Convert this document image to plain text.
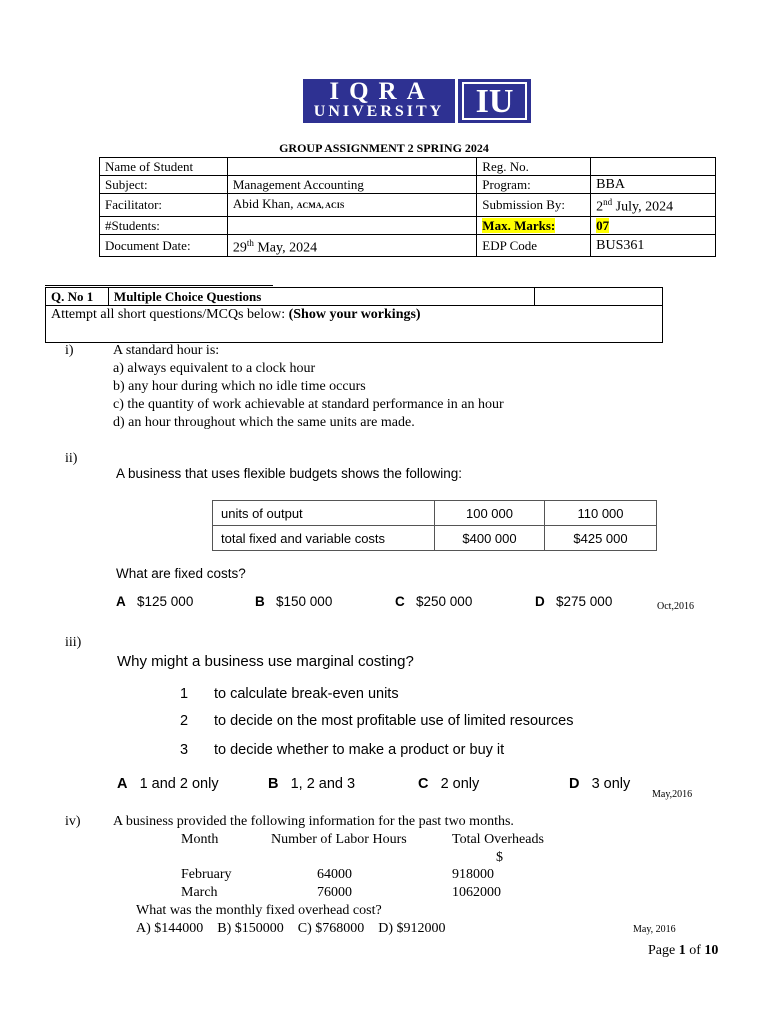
IQRA
UNIVERSITY IU
GROUP ASSIGNMENT 2 SPRING 2024
Name of Student		Reg. No.	
Subject:	Management Accounting	Program:	BBA
Facilitator:	Abid Khan, ACMA, ACIS	Submission By:	2nd July, 2024
#Students:		Max. Marks:	07
Document Date:	29th May, 2024	EDP Code	BUS361
Q. No 1	Multiple Choice Questions	
Attempt all short questions/MCQs below: (Show your workings)
i)	A standard hour is:
a) always equivalent to a clock hour
b) any hour during which no idle time occurs
c) the quantity of work achievable at standard performance in an hour
d) an hour throughout which the same units are made.
ii)
A business that uses flexible budgets shows the following:
units of output	100 000	110 000
total fixed and variable costs	$400 000	$425 000
What are fixed costs?
A $125 000	B $150 000	C $250 000	D $275 000	Oct,2016
iii)
Why might a business use marginal costing?
1 to calculate break-even units
2 to decide on the most profitable use of limited resources
3 to decide whether to make a product or buy it
A 1 and 2 only	B 1, 2 and 3	C 2 only	D 3 only
May,2016
iv) A business provided the following information for the past two months.
Month	Number of Labor Hours	Total Overheads
$
February	64000	918000
March	76000	1062000
What was the monthly fixed overhead cost?
A) $144000    B) $150000    C) $768000    D) $912000	May, 2016
Page 1 of 10
